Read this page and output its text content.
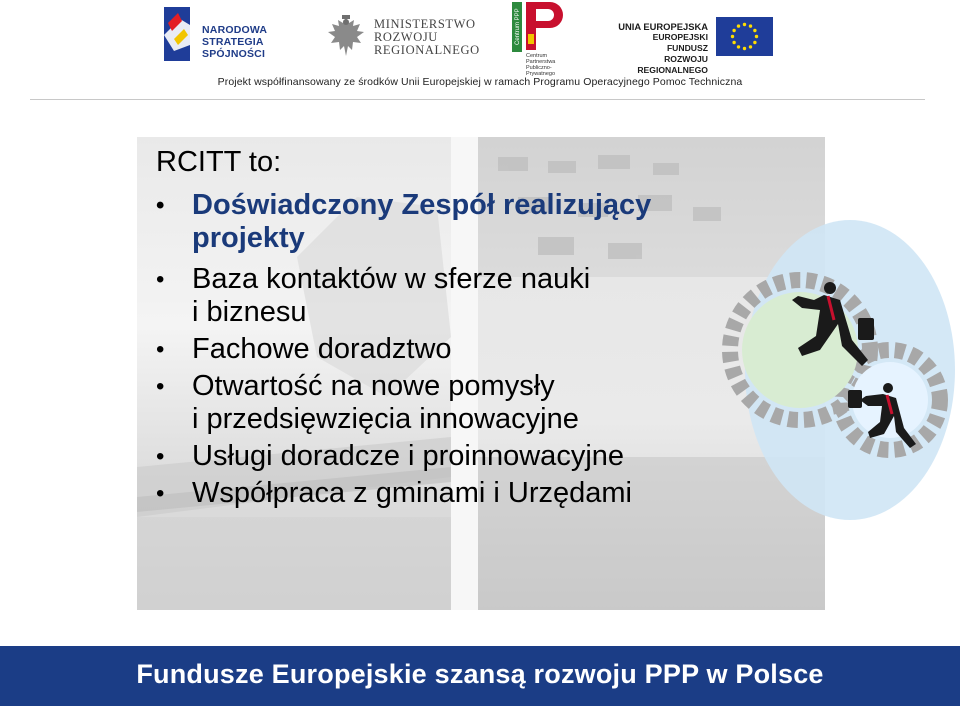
NARODOWA
STRATEGIA SPÓJNOŚCI
MINISTERSTWO
ROZWOJU
REGIONALNEGO
Centrum PPP
Centrum Partnerstwa
Publiczno-Prywatnego
UNIA EUROPEJSKA
EUROPEJSKI FUNDUSZ
ROZWOJU REGIONALNEGO
Projekt współfinansowany ze środków Unii Europejskiej w ramach Programu Operacyjnego Pomoc Techniczna
RCITT to:
• Doświadczony Zespół realizujący
projekty
• Baza kontaktów w sferze nauki
i biznesu
• Fachowe doradztwo
• Otwartość na nowe pomysły
i przedsięwzięcia innowacyjne
• Usługi doradcze i proinnowacyjne
• Współpraca z gminami i Urzędami
Fundusze Europejskie szansą rozwoju PPP w Polsce
